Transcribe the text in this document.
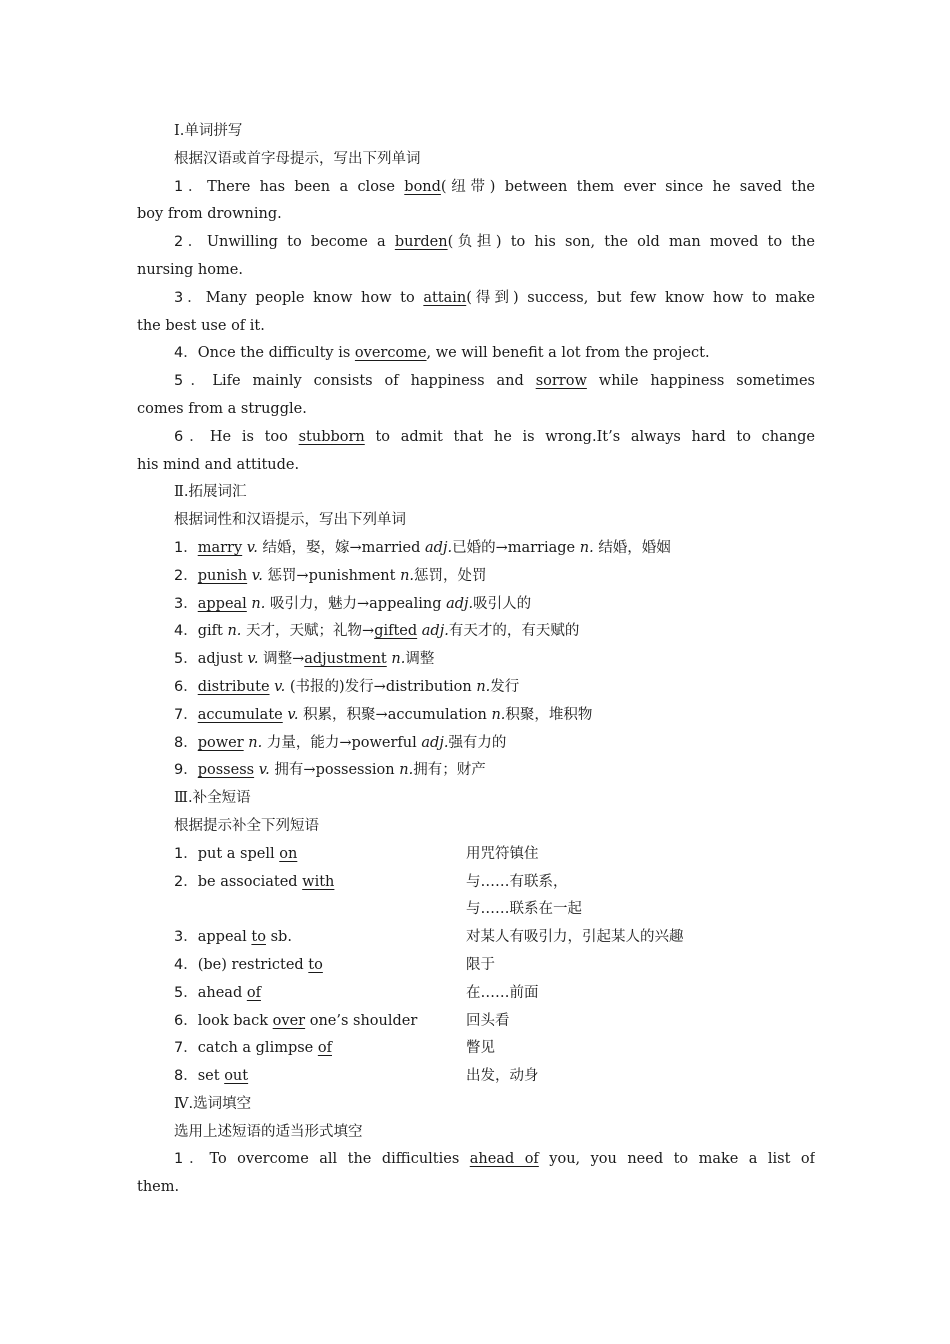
Ⅰ.单词拼写
根据汉语或首字母提示，写出下列单词
1．There has been a close bond(纽带) between them ever since he saved the
boy from drowning.
2．Unwilling to become a burden(负担) to his son, the old man moved to the
nursing home.
3．Many people know how to attain(得到) success, but few know how to make
the best use of it.
4．Once the difficulty is overcome, we will benefit a lot from the project.
5．Life mainly consists of happiness and sorrow while happiness sometimes
comes from a struggle.
6．He is too stubborn to admit that he is wrong.It’s always hard to change
his mind and attitude.
Ⅱ.拓展词汇
根据词性和汉语提示，写出下列单词
1．marry v. 结婚，娶，嫁→married adj.已婚的→marriage n. 结婚，婚姻
2．punish v. 惩罚→punishment n.惩罚，处罚
3．appeal n. 吸引力，魅力→appealing adj.吸引人的
4．gift n. 天才，天赋；礼物→gifted adj.有天才的，有天赋的
5．adjust v. 调整→adjustment n.调整
6．distribute v. (书报的)发行→distribution n.发行
7．accumulate v. 积累，积聚→accumulation n.积聚，堆积物
8．power n. 力量，能力→powerful adj.强有力的
9．possess v. 拥有→possession n.拥有；财产
Ⅲ.补全短语
根据提示补全下列短语
1．put a spell on	用咒符镇住
2．be associated with	与……有联系，
与……联系在一起
3．appeal to sb.	对某人有吸引力，引起某人的兴趣
4．(be) restricted to	限于
5．ahead of	在……前面
6．look back over one’s shoulder	回头看
7．catch a glimpse of	瞥见
8．set out	出发，动身
Ⅳ.选词填空
选用上述短语的适当形式填空
1．To overcome all the difficulties ahead of you, you need to make a list of
them.
